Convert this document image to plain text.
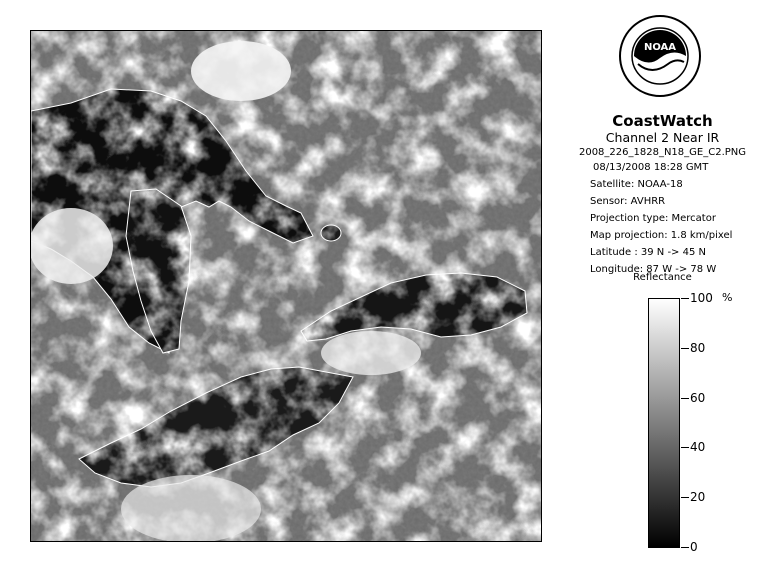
NOAA
CoastWatch
Channel 2 Near IR
2008_226_1828_N18_GE_C2.PNG
08/13/2008 18:28 GMT
Satellite: NOAA-18
Sensor: AVHRR
Projection type: Mercator
Map projection: 1.8 km/pixel
Latitude : 39 N -> 45 N
Longitude: 87 W -> 78 W
Reflectance
%
100
80
60
40
20
0
